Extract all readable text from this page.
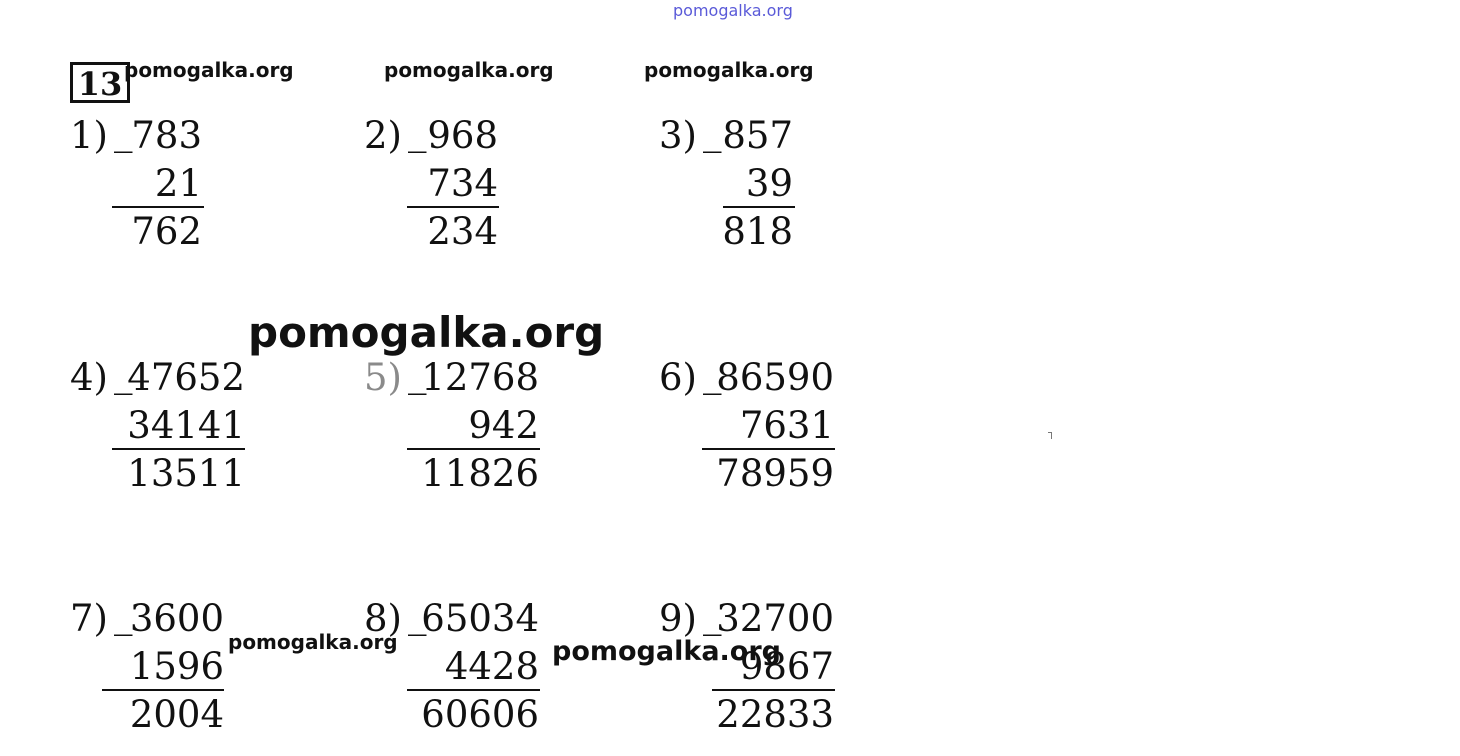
pomogalka.org
13 pomogalka.org	pomogalka.org	pomogalka.org
1) _
783
21
762
2) _ 968
734
234
3) _ 857
39
818
pomogalka.org
4) _
47652
34141
13511
5) _
12768
942
11826
6) _
86590
7631
78959
7) _
3600
1596
2004
8) _
65034
4428
60606
9) _
32700
9867
22833
pomogalka.org	pomogalka.org
